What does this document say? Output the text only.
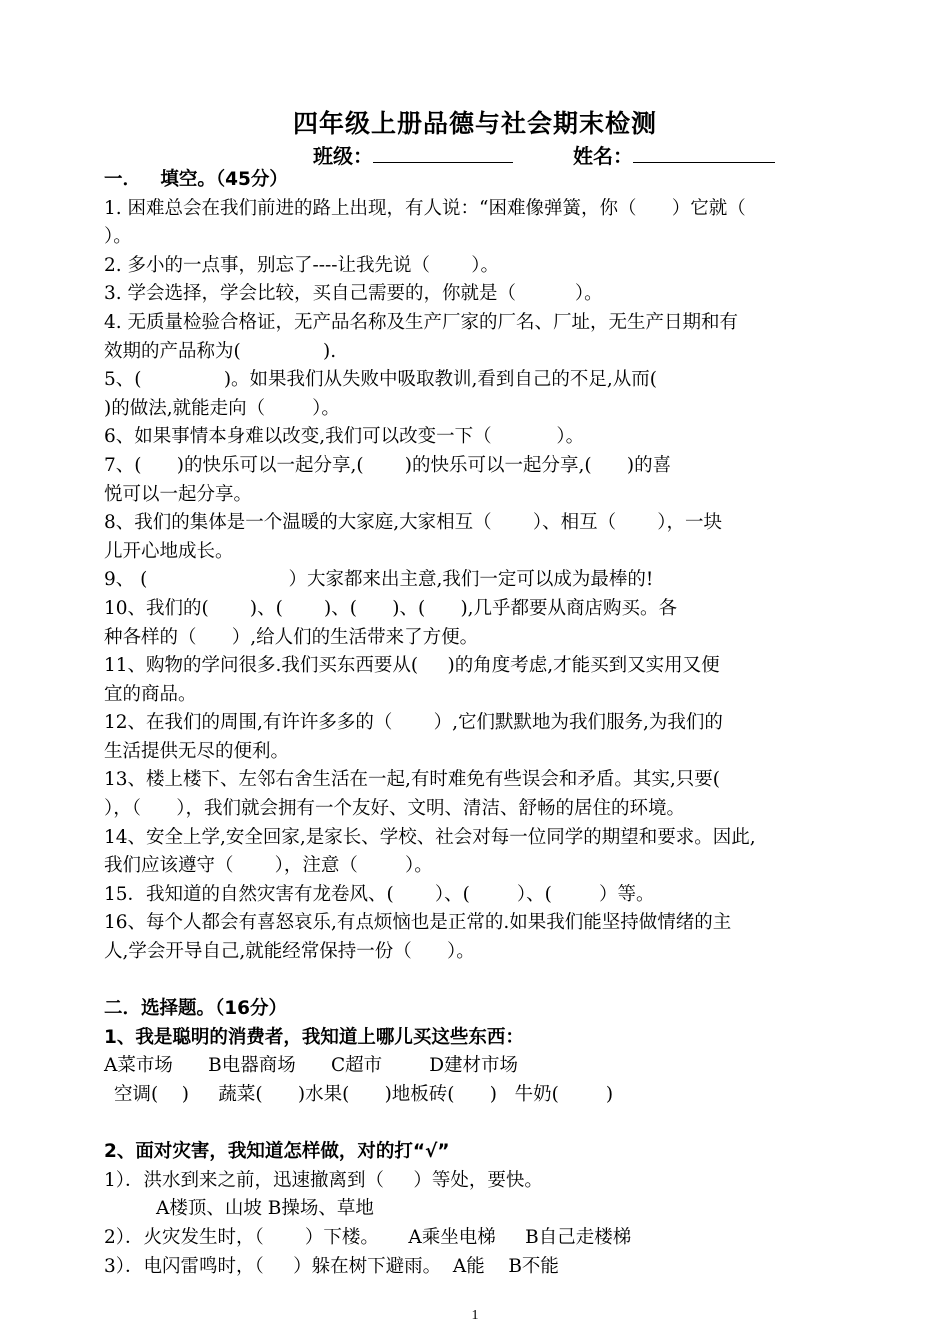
四年级上册品德与社会期末检测
班级：	姓名：

一．   填空。（45分）

1. 困难总会在我们前进的路上出现，有人说：“困难像弹簧，你（      ）它就（

）。

2. 多小的一点事，别忘了----让我先说（       ）。

3. 学会选择，学会比较，买自己需要的，你就是（          ）。

4. 无质量检验合格证，无产品名称及生产厂家的厂名、厂址，无生产日期和有

效期的产品称为(              ).

5、(              )。如果我们从失败中吸取教训,看到自己的不足,从而(

)的做法,就能走向（        ）。

6、如果事情本身难以改变,我们可以改变一下（           ）。

7、(      )的快乐可以一起分享,(       )的快乐可以一起分享,(      )的喜

悦可以一起分享。

8、我们的集体是一个温暖的大家庭,大家相互（       ）、相互（       ），一块

儿开心地成长。

9、 (                        ）大家都来出主意,我们一定可以成为最棒的!

10、我们的(       )、(       )、(      )、(      ),几乎都要从商店购买。各

种各样的（      ）,给人们的生活带来了方便。

11、购物的学问很多.我们买东西要从(     )的角度考虑,才能买到又实用又便

宜的商品。

12、在我们的周围,有许许多多的（       ）,它们默默地为我们服务,为我们的

生活提供无尽的便利。

13、楼上楼下、左邻右舍生活在一起,有时难免有些误会和矛盾。其实,只要(

），（      ），我们就会拥有一个友好、文明、清洁、舒畅的居住的环境。

14、安全上学,安全回家,是家长、学校、社会对每一位同学的期望和要求。因此,

我们应该遵守（       ），注意（        ）。

15．我知道的自然灾害有龙卷风、(       ）、(        ）、(        ）等。

16、每个人都会有喜怒哀乐,有点烦恼也是正常的.如果我们能坚持做情绪的主

人,学会开导自己,就能经常保持一份（      ）。

二．选择题。（16分）

1、我是聪明的消费者，我知道上哪儿买这些东西：

A菜市场      B电器商场      C超市        D建材市场

空调(    )     蔬菜(      )水果(      )地板砖(      )   牛奶(        )

2、面对灾害，我知道怎样做，对的打“√”

1）．洪水到来之前，迅速撤离到（     ）等处，要快。

A楼顶、山坡 B操场、草地

2）．火灾发生时，（       ）下楼。     A乘坐电梯     B自己走楼梯

3）．电闪雷鸣时，（     ）躲在树下避雨。  A能    B不能

1
